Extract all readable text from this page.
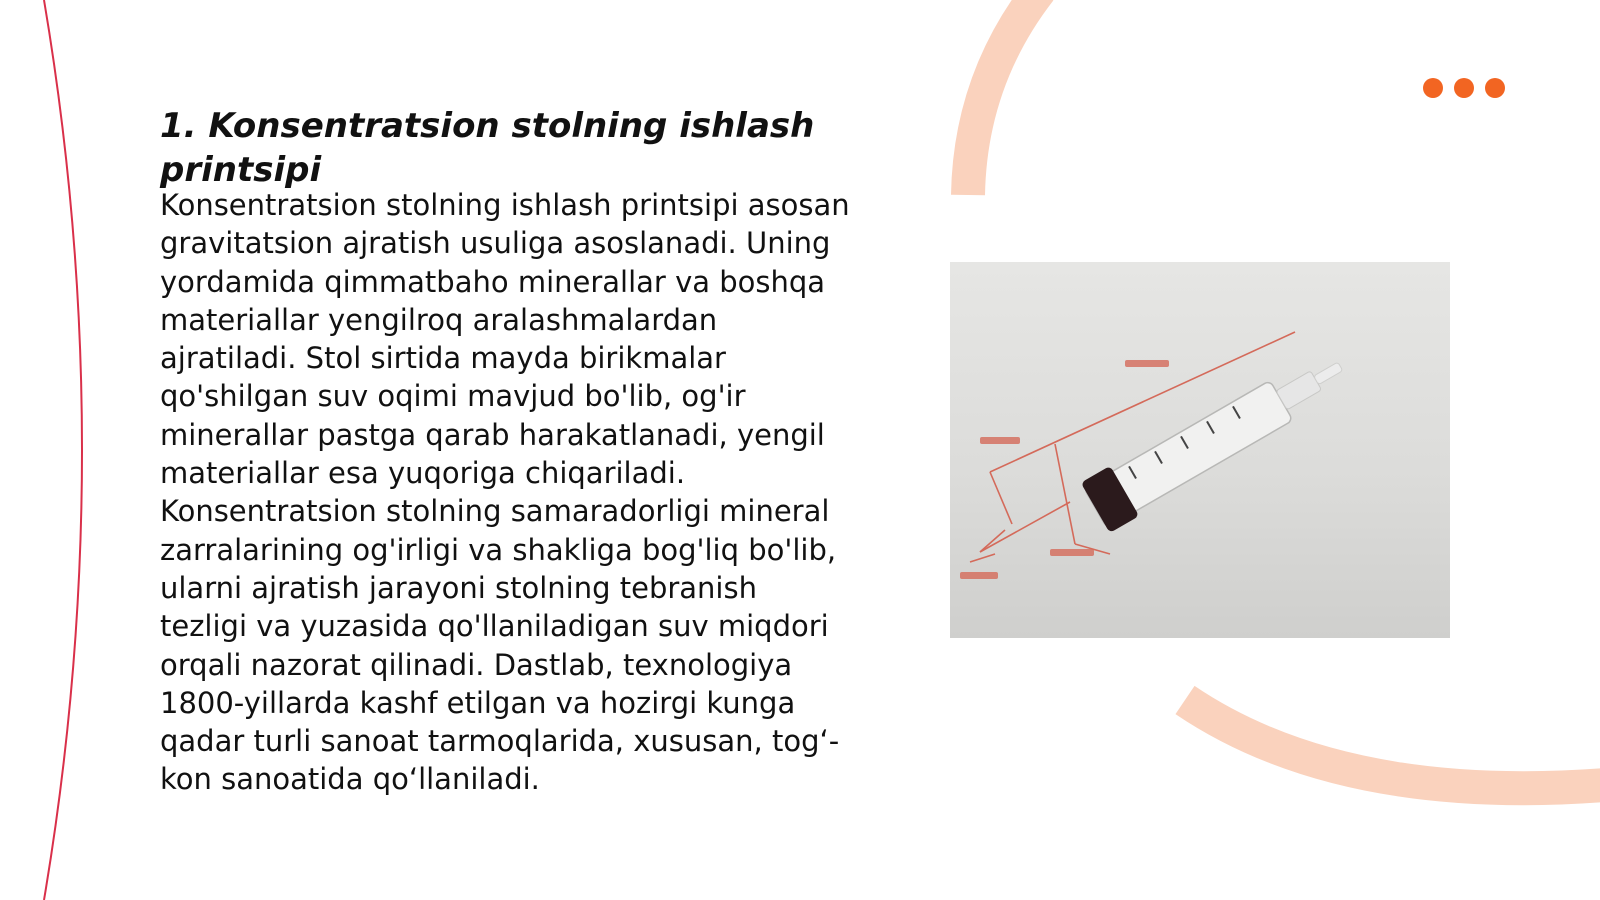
1. Konsentratsion stolning ishlash printsipi

Konsentratsion stolning ishlash printsipi asosan gravitatsion ajratish usuliga asoslanadi. Uning yordamida qimmatbaho minerallar va boshqa materiallar yengilroq aralashmalardan ajratiladi. Stol sirtida mayda birikmalar qo'shilgan suv oqimi mavjud bo'lib, og'ir minerallar pastga qarab harakatlanadi, yengil materiallar esa yuqoriga chiqariladi. Konsentratsion stolning samaradorligi mineral zarralarining og'irligi va shakliga bog'liq bo'lib, ularni ajratish jarayoni stolning tebranish tezligi va yuzasida qo'llaniladigan suv miqdori orqali nazorat qilinadi. Dastlab, texnologiya 1800-yillarda kashf etilgan va hozirgi kunga qadar turli sanoat tarmoqlarida, xususan, tog‘-kon sanoatida qo‘llaniladi.
